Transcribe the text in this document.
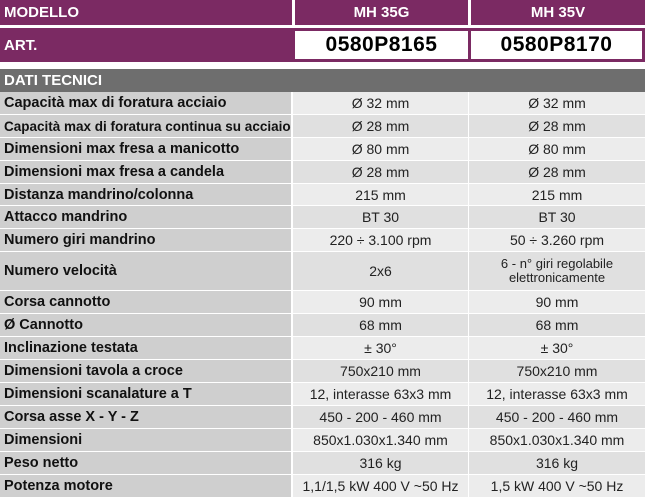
MODELLO	MH 35G	MH 35V
ART.	0580P8165	0580P8170
DATI TECNICI
Capacità max di foratura acciaio	Ø 32 mm	Ø 32 mm
Capacità max di foratura continua su acciaio	Ø 28 mm	Ø 28 mm
Dimensioni max fresa a manicotto	Ø 80 mm	Ø 80 mm
Dimensioni max fresa a candela	Ø 28 mm	Ø 28 mm
Distanza mandrino/colonna	215 mm	215 mm
Attacco mandrino	BT 30	BT 30
Numero giri mandrino	220 ÷ 3.100 rpm	50 ÷ 3.260 rpm
Numero velocità	2x6	6 - n° giri regolabile elettronicamente
Corsa cannotto	90 mm	90 mm
Ø Cannotto	68 mm	68 mm
Inclinazione testata	± 30°	± 30°
Dimensioni tavola a croce	750x210 mm	750x210 mm
Dimensioni scanalature a T	12, interasse 63x3 mm	12, interasse 63x3 mm
Corsa asse X - Y - Z	450 - 200 - 460 mm	450 - 200 - 460 mm
Dimensioni	850x1.030x1.340 mm	850x1.030x1.340 mm
Peso netto	316 kg	316 kg
Potenza motore	1,1/1,5 kW 400 V ~50 Hz	1,5 kW 400 V ~50 Hz
